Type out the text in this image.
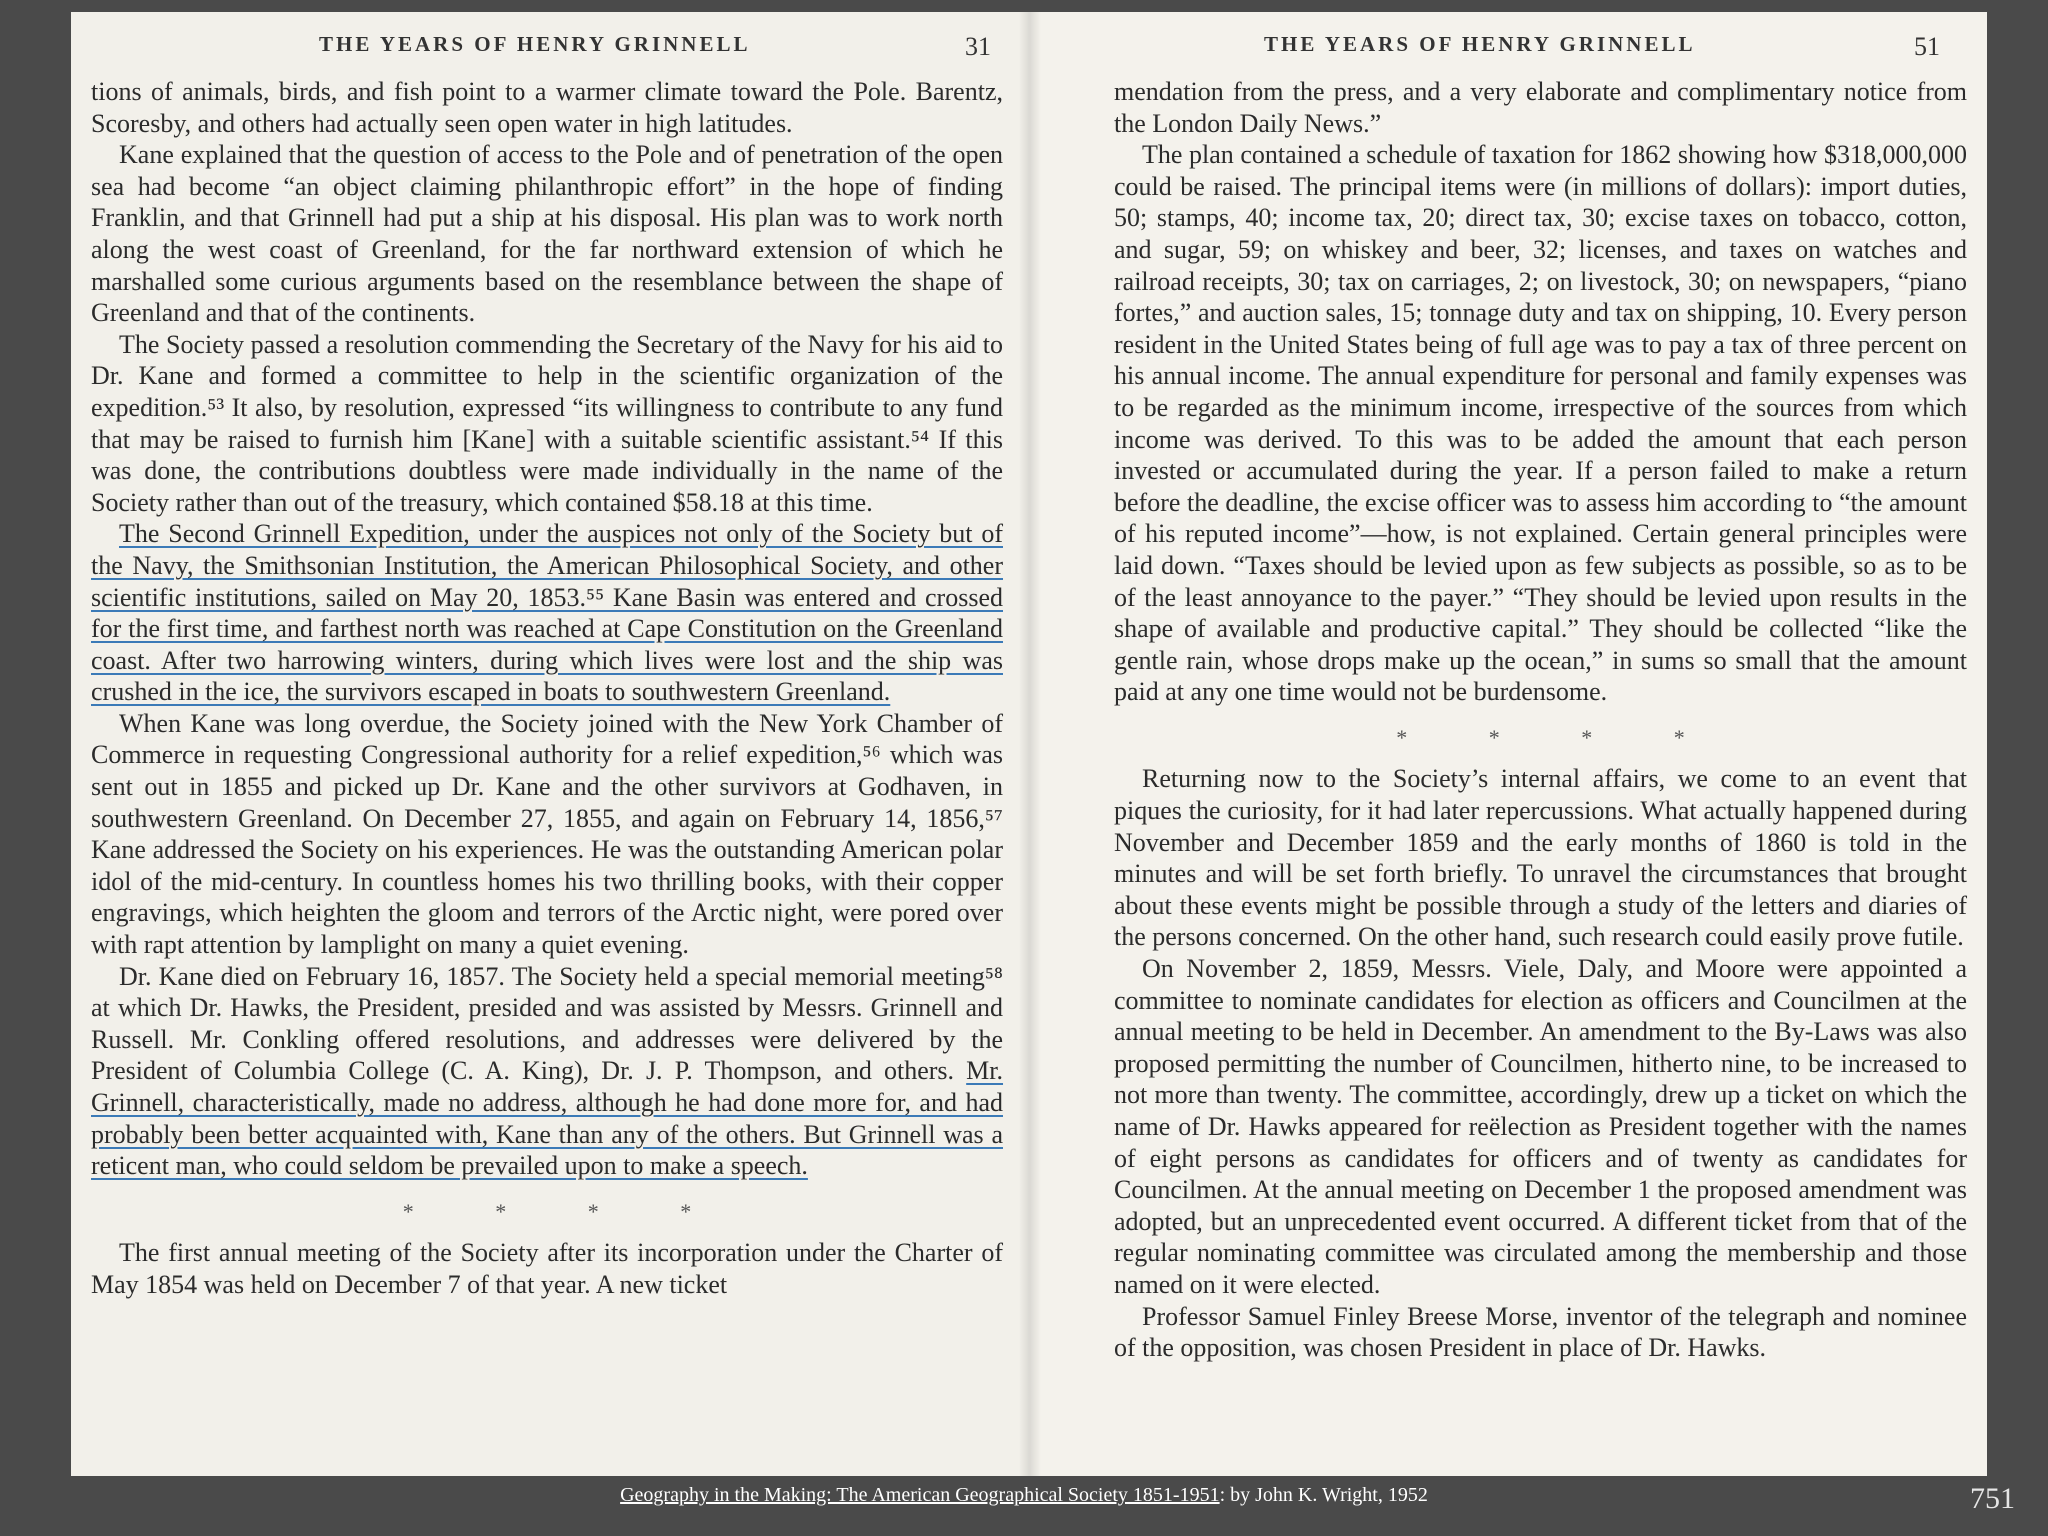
THE YEARS OF HENRY GRINNELL	31

tions of animals, birds, and fish point to a warmer climate toward the Pole. Barentz, Scoresby, and others had actually seen open water in high latitudes.

Kane explained that the question of access to the Pole and of penetration of the open sea had become “an object claiming philanthropic effort” in the hope of finding Franklin, and that Grinnell had put a ship at his disposal. His plan was to work north along the west coast of Greenland, for the far northward extension of which he marshalled some curious arguments based on the resemblance between the shape of Greenland and that of the continents.

The Society passed a resolution commending the Secretary of the Navy for his aid to Dr. Kane and formed a committee to help in the scientific organization of the expedition.⁵³ It also, by resolution, expressed “its willingness to contribute to any fund that may be raised to furnish him [Kane] with a suitable scientific assistant.⁵⁴ If this was done, the contributions doubtless were made individually in the name of the Society rather than out of the treasury, which contained $58.18 at this time.

The Second Grinnell Expedition, under the auspices not only of the Society but of the Navy, the Smithsonian Institution, the American Philosophical Society, and other scientific institutions, sailed on May 20, 1853.⁵⁵ Kane Basin was entered and crossed for the first time, and farthest north was reached at Cape Constitution on the Greenland coast. After two harrowing winters, during which lives were lost and the ship was crushed in the ice, the survivors escaped in boats to southwestern Greenland.

When Kane was long overdue, the Society joined with the New York Chamber of Commerce in requesting Congressional authority for a relief expedition,⁵⁶ which was sent out in 1855 and picked up Dr. Kane and the other survivors at Godhaven, in southwestern Greenland. On December 27, 1855, and again on February 14, 1856,⁵⁷ Kane addressed the Society on his experiences. He was the outstanding American polar idol of the mid-century. In countless homes his two thrilling books, with their copper engravings, which heighten the gloom and terrors of the Arctic night, were pored over with rapt attention by lamplight on many a quiet evening.

Dr. Kane died on February 16, 1857. The Society held a special memorial meeting⁵⁸ at which Dr. Hawks, the President, presided and was assisted by Messrs. Grinnell and Russell. Mr. Conkling offered resolutions, and addresses were delivered by the President of Columbia College (C. A. King), Dr. J. P. Thompson, and others. Mr. Grinnell, characteristically, made no address, although he had done more for, and had probably been better acquainted with, Kane than any of the others. But Grinnell was a reticent man, who could seldom be prevailed upon to make a speech.

* * * *

The first annual meeting of the Society after its incorporation under the Charter of May 1854 was held on December 7 of that year. A new ticket

THE YEARS OF HENRY GRINNELL	51

mendation from the press, and a very elaborate and complimentary notice from the London Daily News.”

The plan contained a schedule of taxation for 1862 showing how $318,000,000 could be raised. The principal items were (in millions of dollars): import duties, 50; stamps, 40; income tax, 20; direct tax, 30; excise taxes on tobacco, cotton, and sugar, 59; on whiskey and beer, 32; licenses, and taxes on watches and railroad receipts, 30; tax on carriages, 2; on livestock, 30; on newspapers, “piano fortes,” and auction sales, 15; tonnage duty and tax on shipping, 10. Every person resident in the United States being of full age was to pay a tax of three percent on his annual income. The annual expenditure for personal and family expenses was to be regarded as the minimum income, irrespective of the sources from which income was derived. To this was to be added the amount that each person invested or accumulated during the year. If a person failed to make a return before the deadline, the excise officer was to assess him according to “the amount of his reputed income”—how, is not explained. Certain general principles were laid down. “Taxes should be levied upon as few subjects as possible, so as to be of the least annoyance to the payer.” “They should be levied upon results in the shape of available and productive capital.” They should be collected “like the gentle rain, whose drops make up the ocean,” in sums so small that the amount paid at any one time would not be burdensome.

* * * *

Returning now to the Society’s internal affairs, we come to an event that piques the curiosity, for it had later repercussions. What actually happened during November and December 1859 and the early months of 1860 is told in the minutes and will be set forth briefly. To unravel the circumstances that brought about these events might be possible through a study of the letters and diaries of the persons concerned. On the other hand, such research could easily prove futile.

On November 2, 1859, Messrs. Viele, Daly, and Moore were appointed a committee to nominate candidates for election as officers and Councilmen at the annual meeting to be held in December. An amendment to the By-Laws was also proposed permitting the number of Councilmen, hitherto nine, to be increased to not more than twenty. The committee, accordingly, drew up a ticket on which the name of Dr. Hawks appeared for reëlection as President together with the names of eight persons as candidates for officers and of twenty as candidates for Councilmen. At the annual meeting on December 1 the proposed amendment was adopted, but an unprecedented event occurred. A different ticket from that of the regular nominating committee was circulated among the membership and those named on it were elected.

Professor Samuel Finley Breese Morse, inventor of the telegraph and nominee of the opposition, was chosen President in place of Dr. Hawks.

Geography in the Making: The American Geographical Society 1851-1951: by John K. Wright, 1952	751
